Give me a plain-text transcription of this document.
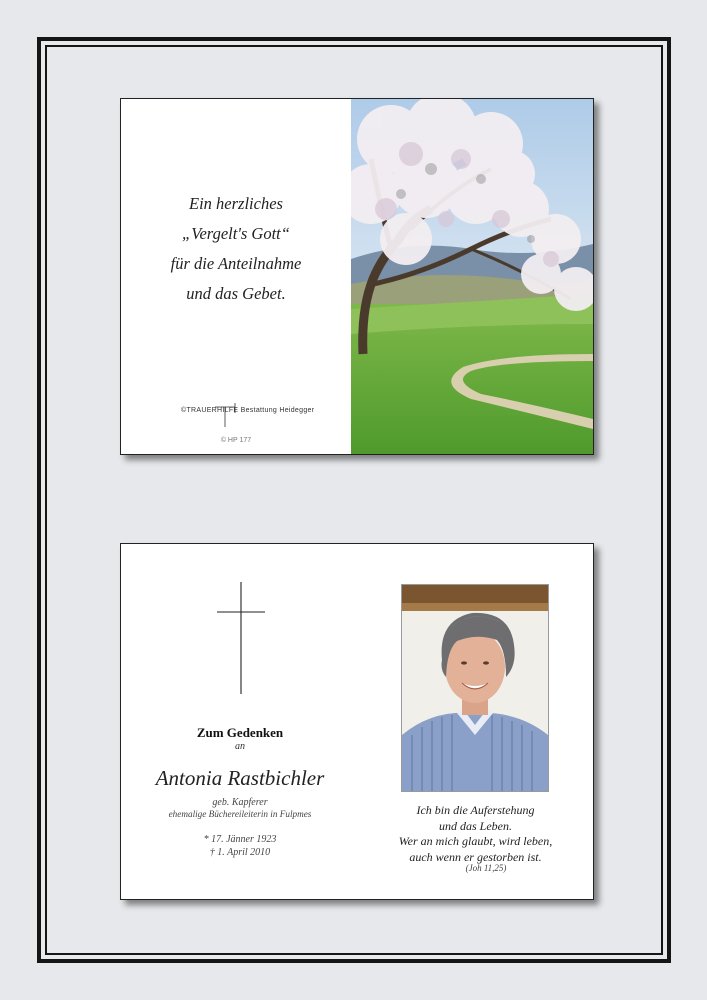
Ein herzliches
„Vergelt's Gott“
für die Anteilnahme
und das Gebet.
©TRAUERHILFE Bestattung Heidegger
© HP 177
Zum Gedenken
an
Antonia Rastbichler
geb. Kapferer
ehemalige Büchereileiterin in Fulpmes
* 17. Jänner 1923
† 1. April 2010
Ich bin die Auferstehung
und das Leben.
Wer an mich glaubt, wird leben,
auch wenn er gestorben ist.
(Joh 11,25)
